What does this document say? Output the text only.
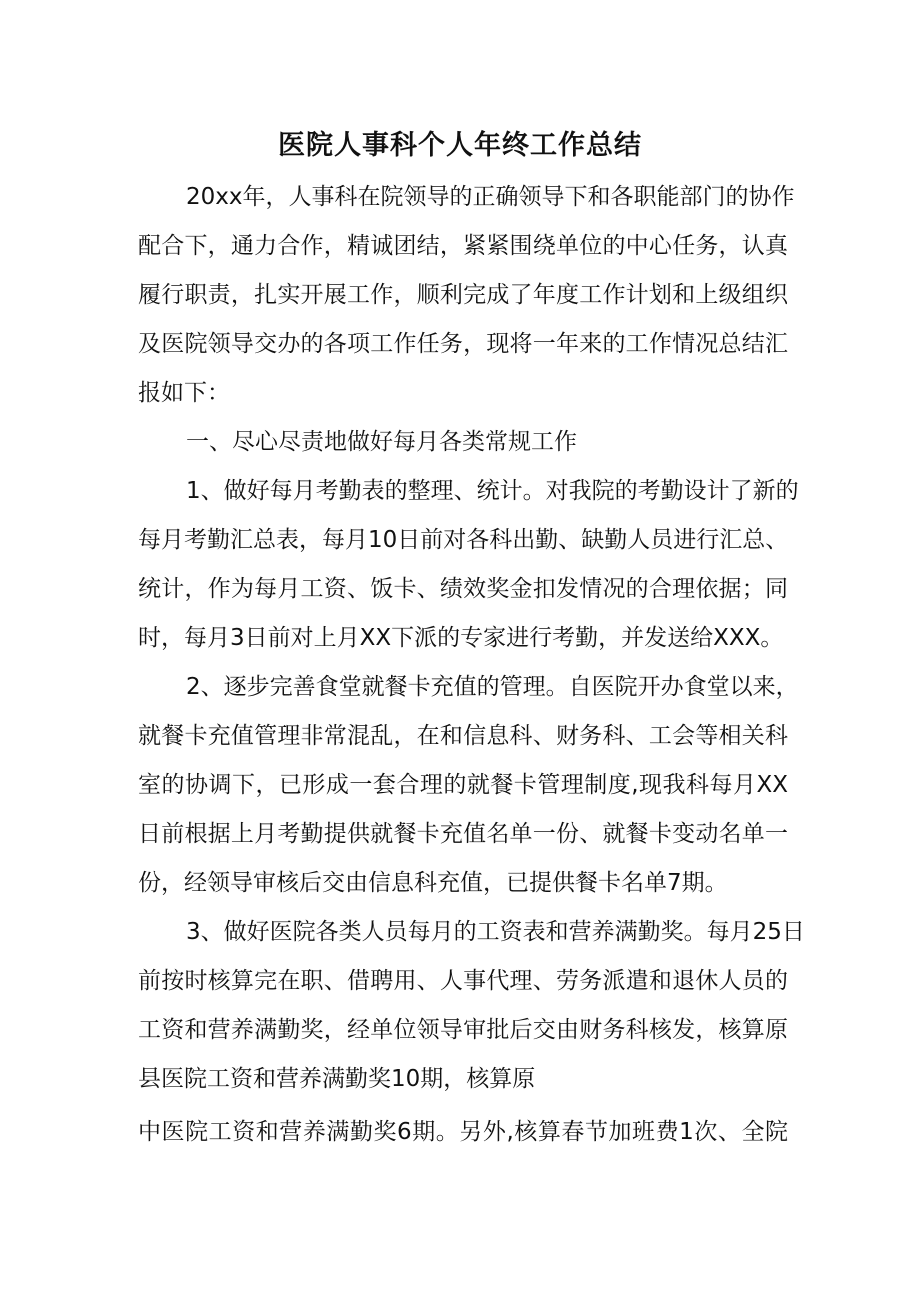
医院人事科个人年终工作总结
20xx年，人事科在院领导的正确领导下和各职能部门的协作
配合下，通力合作，精诚团结，紧紧围绕单位的中心任务，认真
履行职责，扎实开展工作，顺利完成了年度工作计划和上级组织
及医院领导交办的各项工作任务，现将一年来的工作情况总结汇
报如下：
一、尽心尽责地做好每月各类常规工作
1、做好每月考勤表的整理、统计。对我院的考勤设计了新的
每月考勤汇总表，每月10日前对各科出勤、缺勤人员进行汇总、
统计，作为每月工资、饭卡、绩效奖金扣发情况的合理依据；同
时，每月3日前对上月XX下派的专家进行考勤，并发送给XXX。
2、逐步完善食堂就餐卡充值的管理。自医院开办食堂以来，
就餐卡充值管理非常混乱，在和信息科、财务科、工会等相关科
室的协调下，已形成一套合理的就餐卡管理制度,现我科每月XX
日前根据上月考勤提供就餐卡充值名单一份、就餐卡变动名单一
份，经领导审核后交由信息科充值，已提供餐卡名单7期。
3、做好医院各类人员每月的工资表和营养满勤奖。每月25日
前按时核算完在职、借聘用、人事代理、劳务派遣和退休人员的
工资和营养满勤奖，经单位领导审批后交由财务科核发，核算原
县医院工资和营养满勤奖10期，核算原
中医院工资和营养满勤奖6期。另外,核算春节加班费1次、全院
